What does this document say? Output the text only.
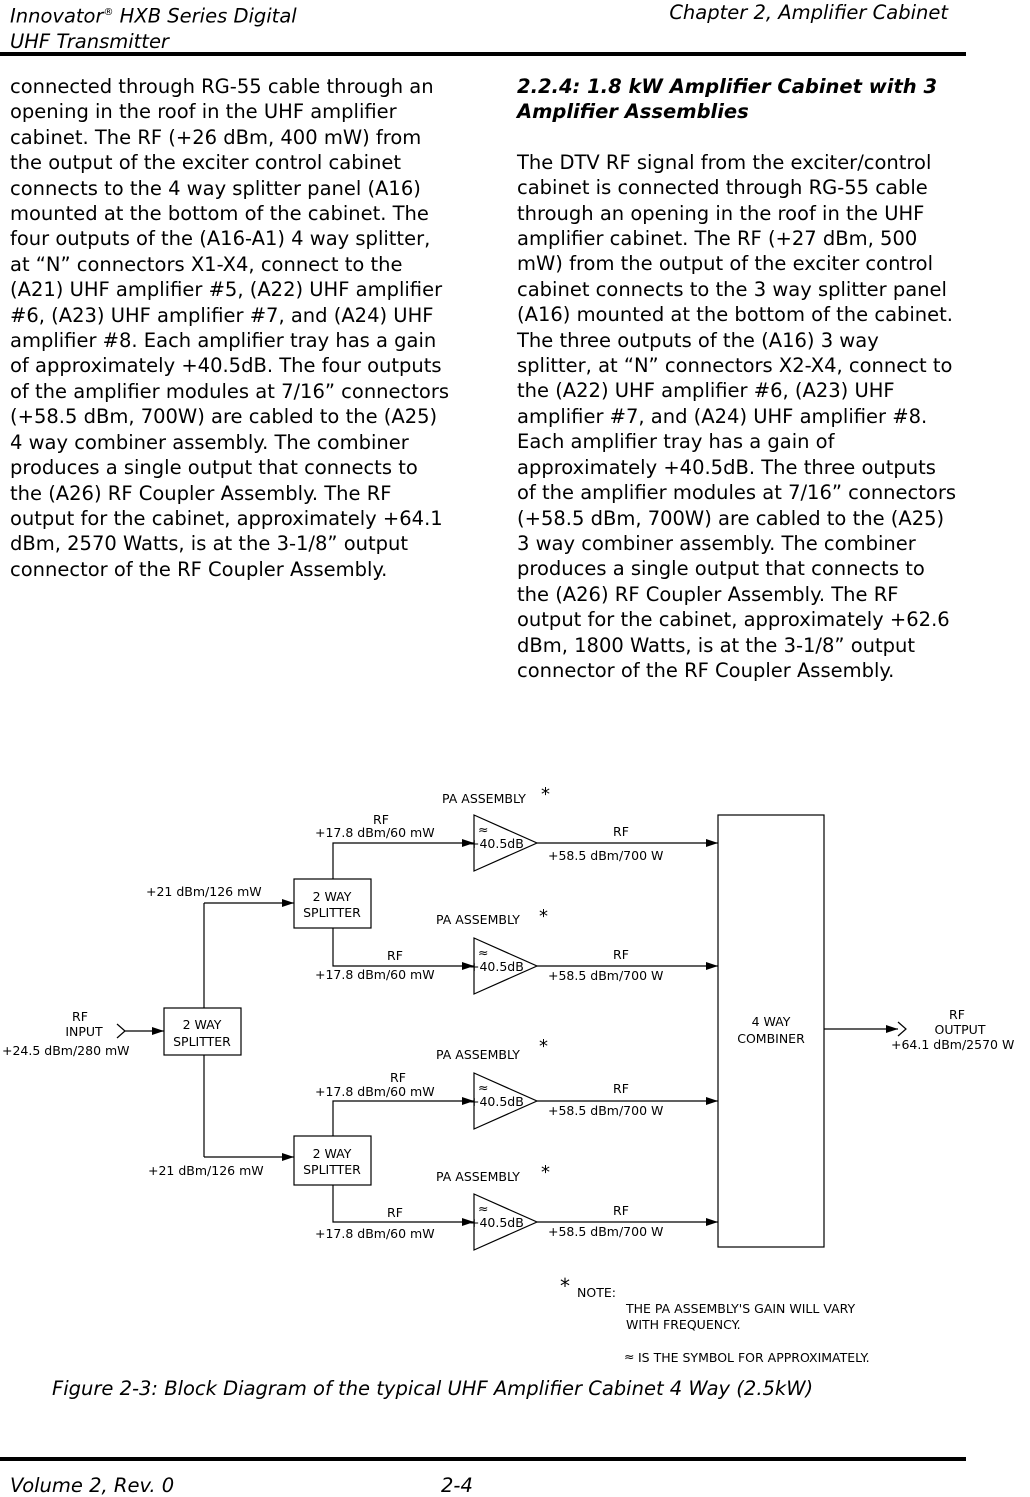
Innovator® HXB Series Digital
UHF Transmitter
Chapter 2, Amplifier Cabinet

connected through RG-55 cable through an opening in the roof in the UHF amplifier cabinet. The RF (+26 dBm, 400 mW) from the output of the exciter control cabinet connects to the 4 way splitter panel (A16) mounted at the bottom of the cabinet. The four outputs of the (A16-A1) 4 way splitter, at “N” connectors X1-X4, connect to the (A21) UHF amplifier #5, (A22) UHF amplifier #6, (A23) UHF amplifier #7, and (A24) UHF amplifier #8. Each amplifier tray has a gain of approximately +40.5dB. The four outputs of the amplifier modules at 7/16” connectors (+58.5 dBm, 700W) are cabled to the (A25) 4 way combiner assembly. The combiner produces a single output that connects to the (A26) RF Coupler Assembly. The RF output for the cabinet, approximately +64.1 dBm, 2570 Watts, is at the 3-1/8” output connector of the RF Coupler Assembly.

2.2.4: 1.8 kW Amplifier Cabinet with 3 Amplifier Assemblies

The DTV RF signal from the exciter/control cabinet is connected through RG-55 cable through an opening in the roof in the UHF amplifier cabinet. The RF (+27 dBm, 500 mW) from the output of the exciter control cabinet connects to the 3 way splitter panel (A16) mounted at the bottom of the cabinet. The three outputs of the (A16) 3 way splitter, at “N” connectors X2-X4, connect to the (A22) UHF amplifier #6, (A23) UHF amplifier #7, and (A24) UHF amplifier #8. Each amplifier tray has a gain of approximately +40.5dB. The three outputs of the amplifier modules at 7/16” connectors (+58.5 dBm, 700W) are cabled to the (A25) 3 way combiner assembly. The combiner produces a single output that connects to the (A26) RF Coupler Assembly. The RF output for the cabinet, approximately +62.6 dBm, 1800 Watts, is at the 3-1/8” output connector of the RF Coupler Assembly.

RF
INPUT
+24.5 dBm/280 mW
2 WAY
SPLITTER
2 WAY
SPLITTER
+21 dBm/126 mW
2 WAY
SPLITTER
+21 dBm/126 mW
PA ASSEMBLY *
RF
+17.8 dBm/60 mW	≈
+40.5dB
RF
+58.5 dBm/700 W
PA ASSEMBLY *
RF
+17.8 dBm/60 mW
≈
+40.5dB
RF
+58.5 dBm/700 W
PA ASSEMBLY *
RF
+17.8 dBm/60 mW	≈
+40.5dB
RF
+58.5 dBm/700 W
PA ASSEMBLY *
RF
+17.8 dBm/60 mW
≈
+40.5dB
RF
+58.5 dBm/700 W
4 WAY
COMBINER
RF
OUTPUT
+64.1 dBm/2570 W
* NOTE:
THE PA ASSEMBLY'S GAIN WILL VARY
WITH FREQUENCY.
≈ IS THE SYMBOL FOR APPROXIMATELY.
Figure 2-3: Block Diagram of the typical UHF Amplifier Cabinet 4 Way (2.5kW)
Volume 2, Rev. 0	2-4
